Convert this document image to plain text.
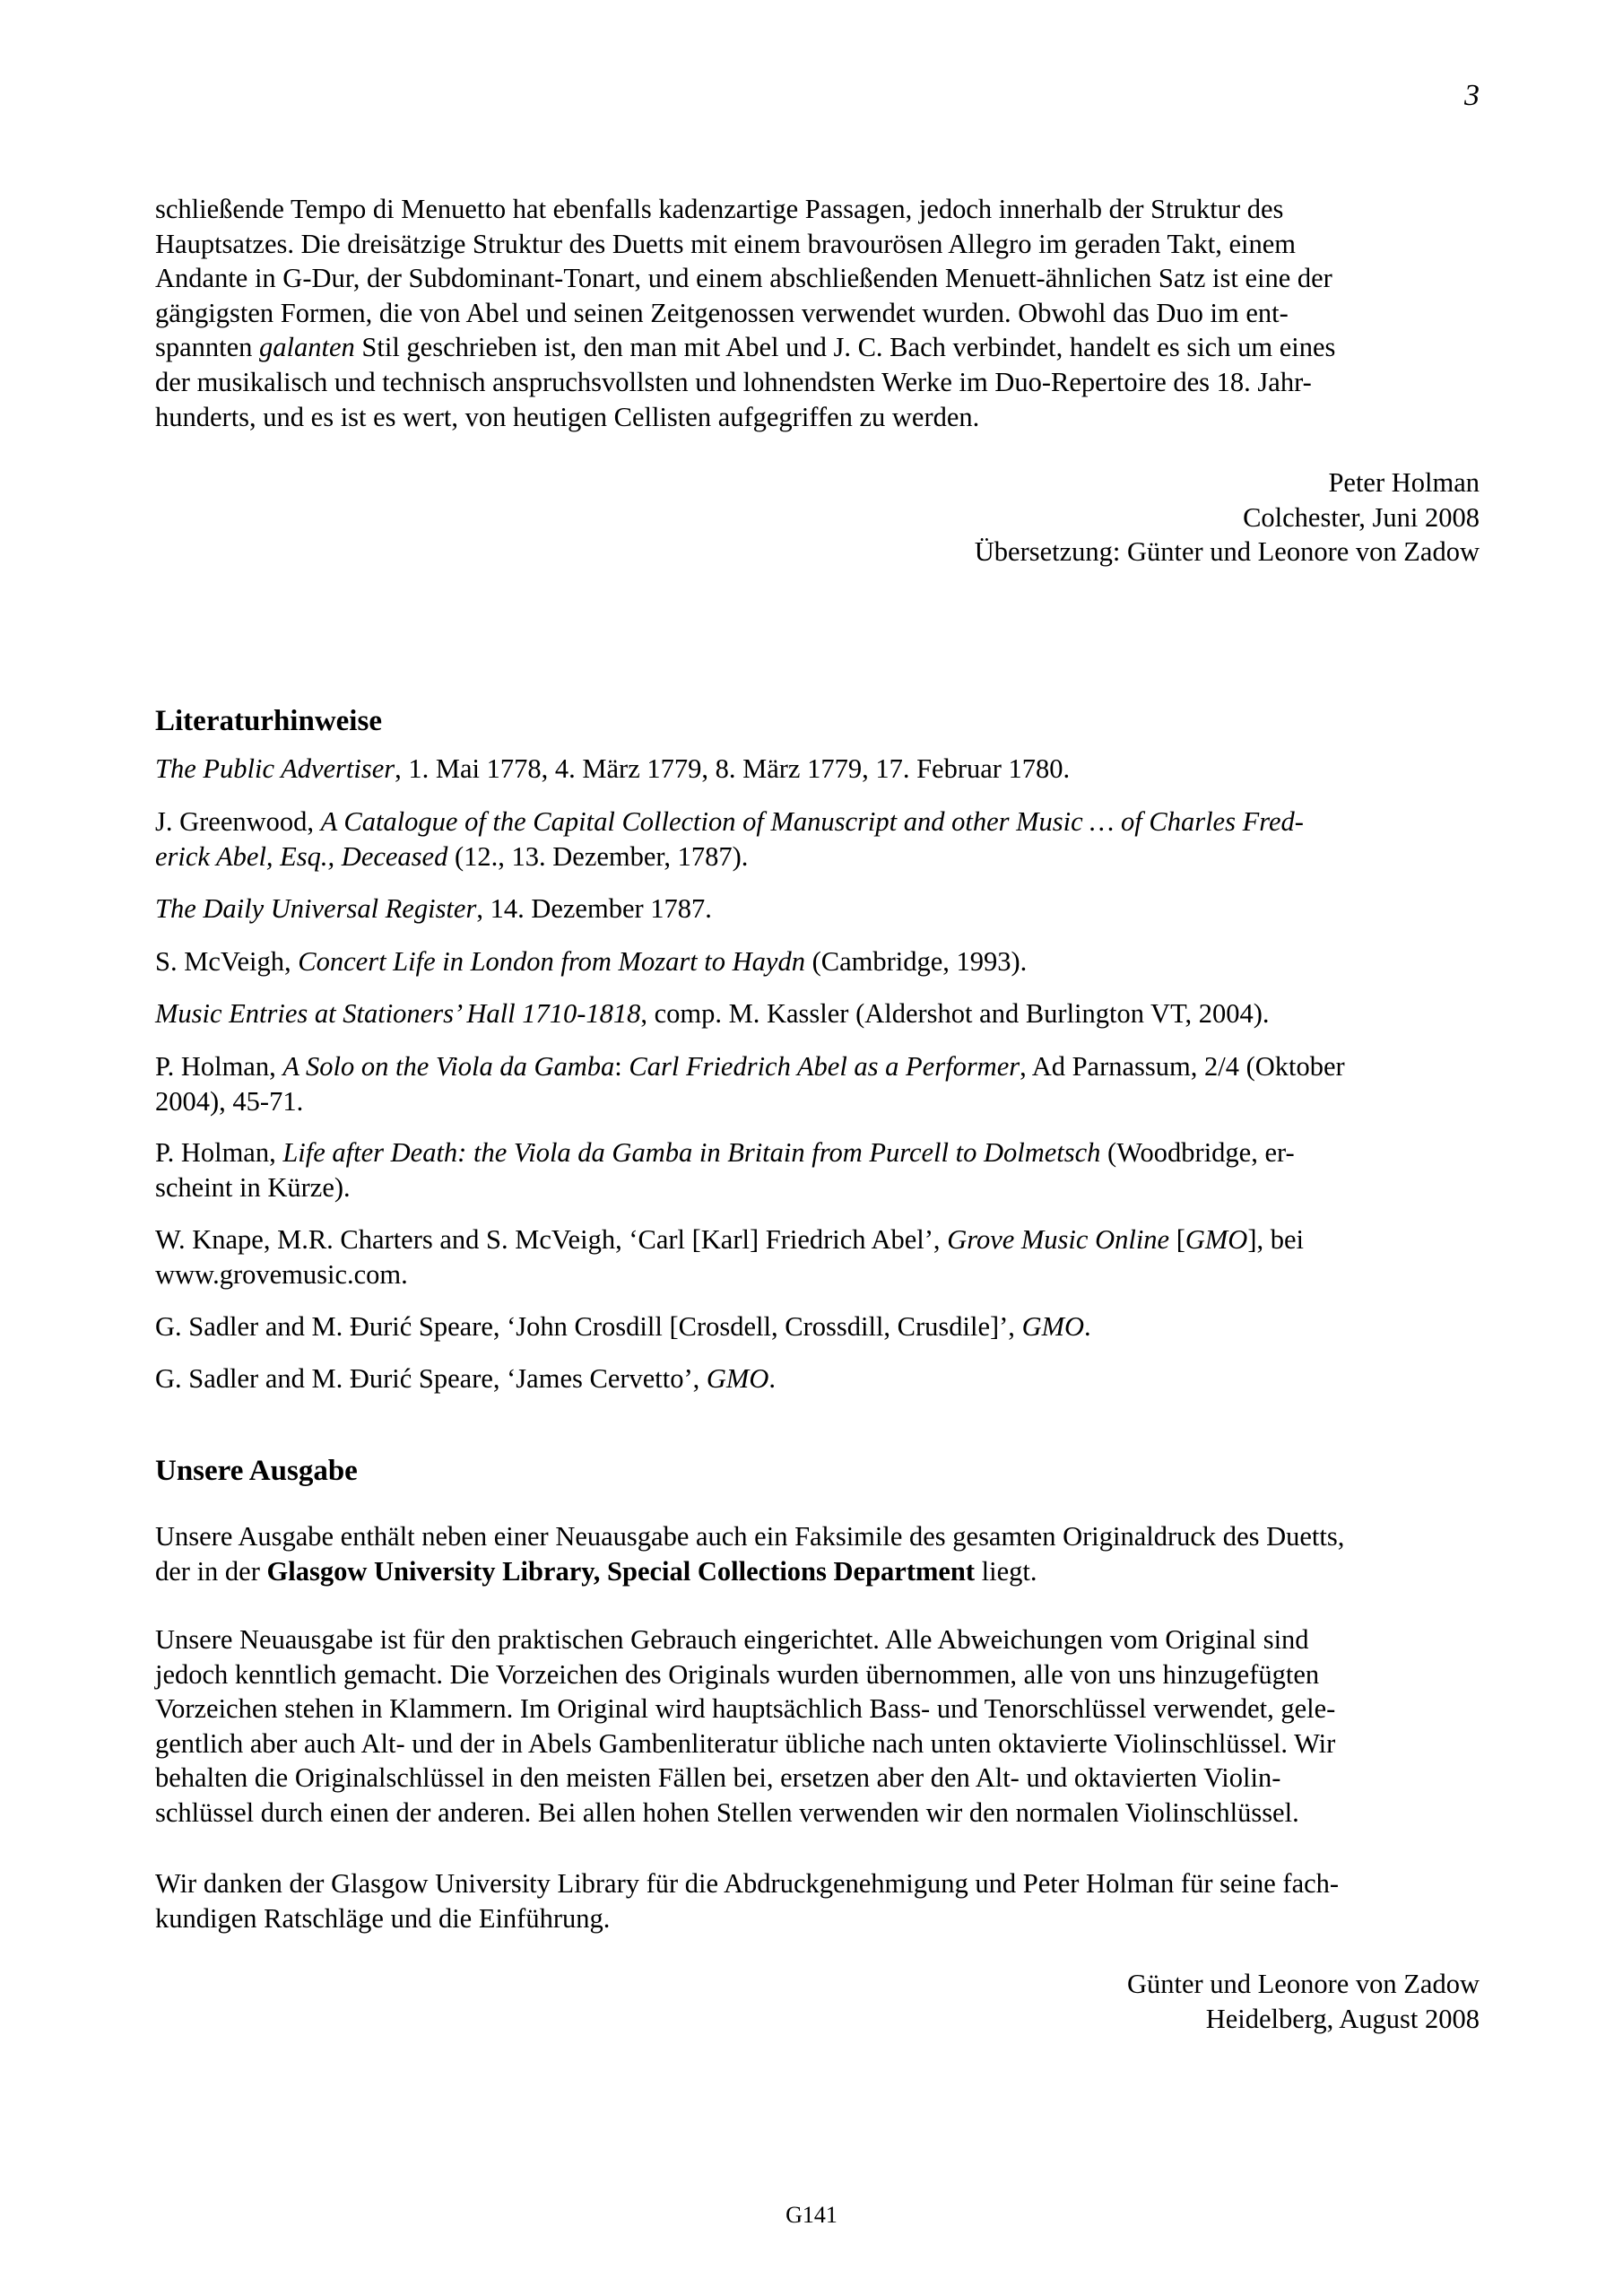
3
schließende Tempo di Menuetto hat ebenfalls kadenzartige Passagen, jedoch innerhalb der Struktur des
Hauptsatzes. Die dreisätzige Struktur des Duetts mit einem bravourösen Allegro im geraden Takt, einem
Andante in G-Dur, der Subdominant-Tonart, und einem abschließenden Menuett-ähnlichen Satz ist eine der
gängigsten Formen, die von Abel und seinen Zeitgenossen verwendet wurden. Obwohl das Duo im ent-
spannten galanten Stil geschrieben ist, den man mit Abel und J. C. Bach verbindet, handelt es sich um eines
der musikalisch und technisch anspruchsvollsten und lohnendsten Werke im Duo-Repertoire des 18. Jahr-
hunderts, und es ist es wert, von heutigen Cellisten aufgegriffen zu werden.
Peter Holman
Colchester, Juni 2008
Übersetzung: Günter und Leonore von Zadow
Literaturhinweise
The Public Advertiser, 1. Mai 1778, 4. März 1779, 8. März 1779, 17. Februar 1780.
J. Greenwood, A Catalogue of the Capital Collection of Manuscript and other Music … of Charles Fred-
erick Abel, Esq., Deceased (12., 13. Dezember, 1787).
The Daily Universal Register, 14. Dezember 1787.
S. McVeigh, Concert Life in London from Mozart to Haydn (Cambridge, 1993).
Music Entries at Stationers’ Hall 1710-1818, comp. M. Kassler (Aldershot and Burlington VT, 2004).
P. Holman, A Solo on the Viola da Gamba: Carl Friedrich Abel as a Performer, Ad Parnassum, 2/4 (Oktober
2004), 45-71.
P. Holman, Life after Death: the Viola da Gamba in Britain from Purcell to Dolmetsch (Woodbridge, er-
scheint in Kürze).
W. Knape, M.R. Charters and S. McVeigh, ‘Carl [Karl] Friedrich Abel’, Grove Music Online [GMO], bei
www.grovemusic.com.
G. Sadler and M. Đurić Speare, ‘John Crosdill [Crosdell, Crossdill, Crusdile]’, GMO.
G. Sadler and M. Đurić Speare, ‘James Cervetto’, GMO.
Unsere Ausgabe
Unsere Ausgabe enthält neben einer Neuausgabe auch ein Faksimile des gesamten Originaldruck des Duetts,
der in der Glasgow University Library, Special Collections Department liegt.
Unsere Neuausgabe ist für den praktischen Gebrauch eingerichtet. Alle Abweichungen vom Original sind
jedoch kenntlich gemacht. Die Vorzeichen des Originals wurden übernommen, alle von uns hinzugefügten
Vorzeichen stehen in Klammern. Im Original wird hauptsächlich Bass- und Tenorschlüssel verwendet, gele-
gentlich aber auch Alt- und der in Abels Gambenliteratur übliche nach unten oktavierte Violinschlüssel. Wir
behalten die Originalschlüssel in den meisten Fällen bei, ersetzen aber den Alt- und oktavierten Violin-
schlüssel durch einen der anderen. Bei allen hohen Stellen verwenden wir den normalen Violinschlüssel.
Wir danken der Glasgow University Library für die Abdruckgenehmigung und Peter Holman für seine fach-
kundigen Ratschläge und die Einführung.
Günter und Leonore von Zadow
Heidelberg, August 2008
G141
